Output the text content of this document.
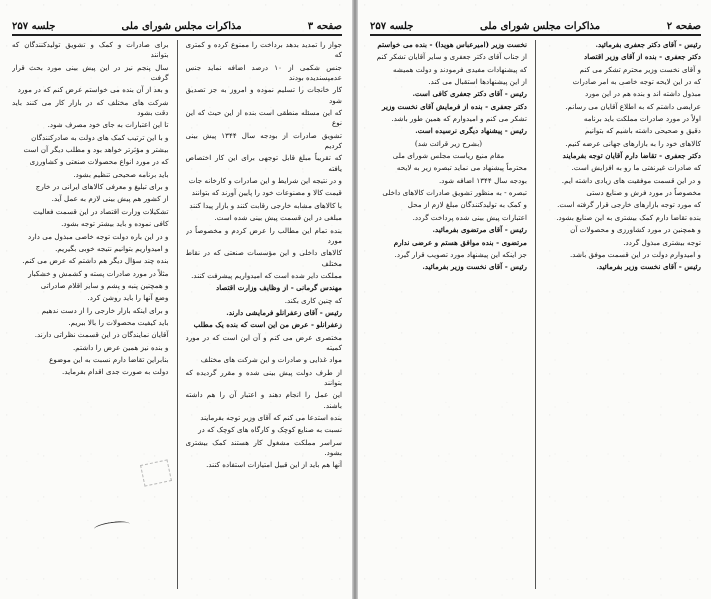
صفحه ۳
مذاکرات مجلس شورای ملی
جلسه ۲۵۷

جواز را تمدید بدهد برداخت را ممنوع کرده و کمتری که

جنس شکمی از ۱۰ درصد اضافه نماید جنس عدمپسندیده بودند

کار خانجات را تسلیم نموده و امروز به جز تصدیق شود

که این مسئله منطقی است بنده از این حیث که این نوع

تشویق صادرات از بودجه سال ۱۳۴۴ پیش بینی کردیم

که تقریباً مبلغ قابل توجهی برای این کار اختصاص یافته

و در نتیجه این شرایط و این صادرات و کارخانه جات

قیمت کالا و مصنوعات خود را پایین آورند که بتوانند

با کالاهای مشابه خارجی رقابت کنند و بازار پیدا کنند

مبلغی در این قسمت پیش بینی شده است.

بنده تمام این مطالب را عرض کردم و مخصوصاً در مورد

کالاهای داخلی و این مؤسسات صنعتی که در نقاط مختلف

مملکت دایر شده است که امیدواریم پیشرفت کنند.

مهندس گرمانی - از وظایف وزارت اقتصاد

که چنین کاری بکند.

رئیس - آقای زعفرانلو فرمایشی دارند.

زعفرانلو - عرض من این است که بنده یک مطلب

مختصری عرض می کنم و آن این است که در مورد کمیته

مواد غذایی و صادرات و این شرکت های مختلف

از طرف دولت پیش بینی شده و مقرر گردیده که بتوانند

این عمل را انجام دهند و اعتبار آن را هم داشته باشند.

بنده استدعا می کنم که آقای وزیر توجه بفرمایند

نسبت به صنایع کوچک و کارگاه های کوچک که در

سراسر مملکت مشغول کار هستند کمک بیشتری بشود.

آنها هم باید از این قبیل امتیازات استفاده کنند.

برای صادرات و کمک و تشویق تولیدکنندگان که بتوانند

سال پنجم نیز در این پیش بینی مورد بحث قرار گرفت

و بعد از آن بنده می خواستم عرض کنم که در مورد

شرکت های مختلف که در بازار کار می کنند باید دقت بشود

تا این اعتبارات به جای خود مصرف شود.

و با این ترتیب کمک های دولت به صادرکنندگان

بیشتر و مؤثرتر خواهد بود و مطلب دیگر آن است

که در مورد انواع محصولات صنعتی و کشاورزی

باید برنامه صحیحی تنظیم بشود.

و برای تبلیغ و معرفی کالاهای ایرانی در خارج

از کشور هم پیش بینی لازم به عمل آید.

تشکیلات وزارت اقتصاد در این قسمت فعالیت

کافی نموده و باید بیشتر توجه بشود.

و در این باره دولت توجه خاصی مبذول می دارد

و امیدواریم بتوانیم نتیجه خوبی بگیریم.

بنده چند سؤال دیگر هم داشتم که عرض می کنم.

مثلاً در مورد صادرات پسته و کشمش و خشکبار

و همچنین پنبه و پشم و سایر اقلام صادراتی

وضع آنها را باید روشن کرد.

و برای اینکه بازار خارجی را از دست ندهیم

باید کیفیت محصولات را بالا ببریم.

آقایان نمایندگان در این قسمت نظراتی دارند.

و بنده نیز همین عرض را داشتم.

بنابراین تقاضا دارم نسبت به این موضوع

دولت به صورت جدی اقدام بفرماید.

صفحه ۲
مذاکرات مجلس شورای ملی
جلسه ۲۵۷

رئیس - آقای دکتر جعفری بفرمائید.

دکتر جعفری - بنده از آقای وزیر اقتصاد

و آقای نخست وزیر محترم تشکر می کنم

که در این لایحه توجه خاصی به امر صادرات

مبذول داشته اند و بنده هم در این مورد

عرایضی داشتم که به اطلاع آقایان می رسانم.

اولاً در مورد صادرات مملکت باید برنامه

دقیق و صحیحی داشته باشیم که بتوانیم

کالاهای خود را به بازارهای جهانی عرضه کنیم.

دکتر جعفری - تقاضا دارم آقایان توجه بفرمایند

که صادرات غیرنفتی ما رو به افزایش است.

و در این قسمت موفقیت های زیادی داشته ایم.

مخصوصاً در مورد فرش و صنایع دستی

که مورد توجه بازارهای خارجی قرار گرفته است.

بنده تقاضا دارم کمک بیشتری به این صنایع بشود.

و همچنین در مورد کشاورزی و محصولات آن

توجه بیشتری مبذول گردد.

و امیدوارم دولت در این قسمت موفق باشد.

رئیس - آقای نخست وزیر بفرمائید.

نخست وزیر (امیرعباس هویدا) - بنده می خواستم

از جناب آقای دکتر جعفری و سایر آقایان تشکر کنم

که پیشنهادات مفیدی فرمودند و دولت همیشه

از این پیشنهادها استقبال می کند.

رئیس - آقای دکتر جعفری کافی است.

دکتر جعفری - بنده از فرمایش آقای نخست وزیر

تشکر می کنم و امیدوارم که همین طور باشد.

رئیس - پیشنهاد دیگری نرسیده است.

(بشرح زیر قرائت شد)

مقام منیع ریاست مجلس شورای ملی

محترماً پیشنهاد می نماید تبصره زیر به لایحه

بودجه سال ۱۳۴۴ اضافه شود.

تبصره - به منظور تشویق صادرات کالاهای داخلی

و کمک به تولیدکنندگان مبلغ لازم از محل

اعتبارات پیش بینی شده پرداخت گردد.

رئیس - آقای مرتضوی بفرمائید.

مرتضوی - بنده موافق هستم و عرضی ندارم

جز اینکه این پیشنهاد مورد تصویب قرار گیرد.

رئیس - آقای نخست وزیر بفرمائید.
